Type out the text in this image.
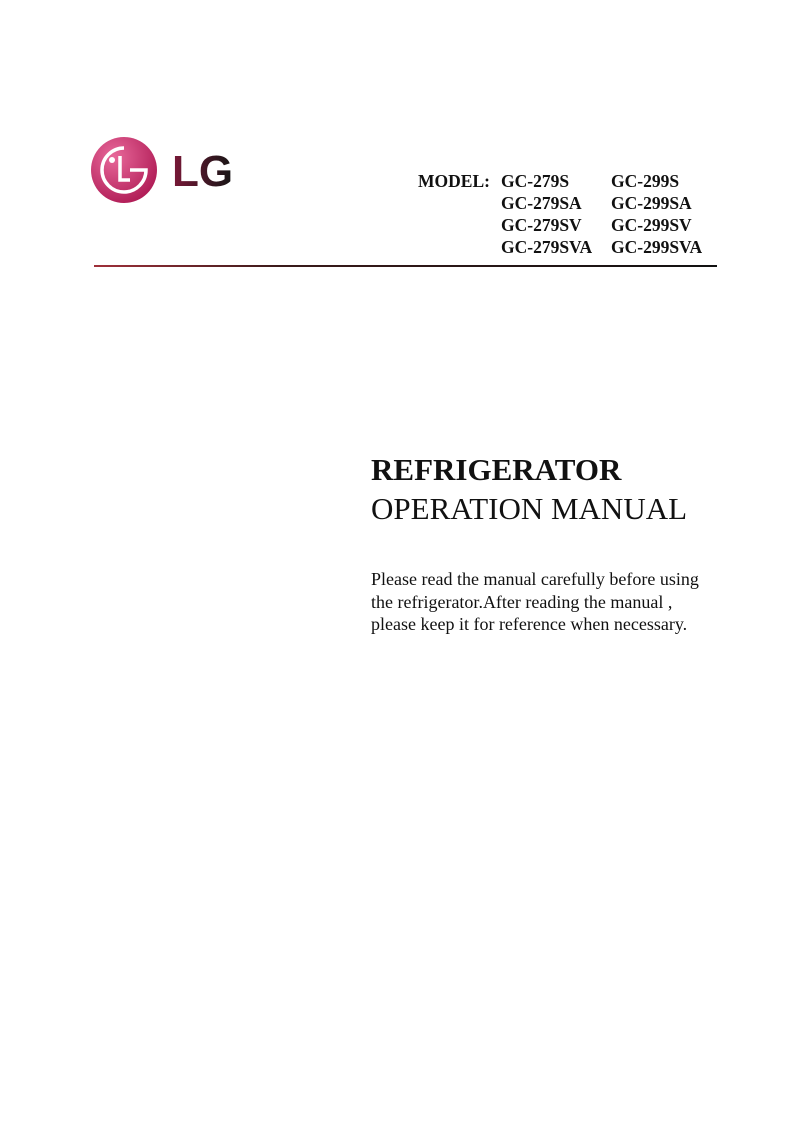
LG	MODEL: GC-279S	GC-299S
GC-279SA	GC-299SA
GC-279SV	GC-299SV
GC-279SVA	GC-299SVA
REFRIGERATOR
OPERATION MANUAL
Please read the manual carefully before using the refrigerator.After reading the manual , please keep it for reference when necessary.
